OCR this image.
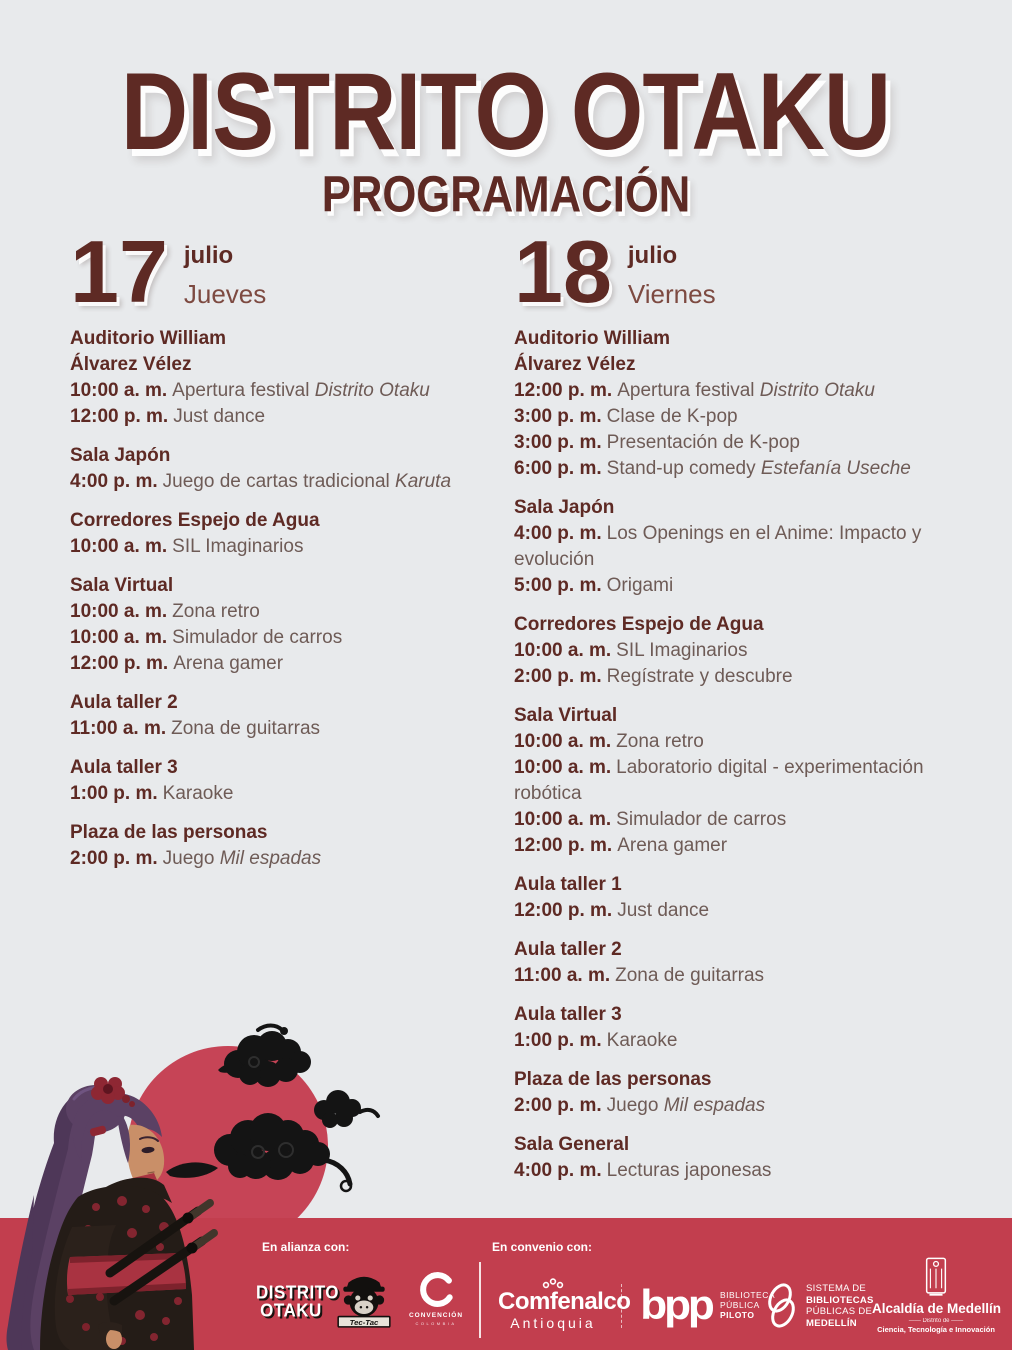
DISTRITO OTAKU
PROGRAMACIÓN
17 julio
Jueves	18 julio
Viernes
Auditorio William
Álvarez Vélez
10:00 a. m. Apertura festival Distrito Otaku
12:00 p. m. Just dance
Sala Japón
4:00 p. m. Juego de cartas tradicional Karuta
Corredores Espejo de Agua
10:00 a. m. SIL Imaginarios
Sala Virtual
10:00 a. m. Zona retro
10:00 a. m. Simulador de carros
12:00 p. m. Arena gamer
Aula taller 2
11:00 a. m. Zona de guitarras
Aula taller 3
1:00 p. m. Karaoke
Plaza de las personas
2:00 p. m. Juego Mil espadas
Auditorio William
Álvarez Vélez
12:00 p. m. Apertura festival Distrito Otaku
3:00 p. m. Clase de K-pop
3:00 p. m. Presentación de K-pop
6:00 p. m. Stand-up comedy Estefanía Useche
Sala Japón
4:00 p. m. Los Openings en el Anime: Impacto y evolución
5:00 p. m. Origami
Corredores Espejo de Agua
10:00 a. m. SIL Imaginarios
2:00 p. m. Regístrate y descubre
Sala Virtual
10:00 a. m. Zona retro
10:00 a. m. Laboratorio digital - experimentación robótica
10:00 a. m. Simulador de carros
12:00 p. m. Arena gamer
Aula taller 1
12:00 p. m. Just dance
Aula taller 2
11:00 a. m. Zona de guitarras
Aula taller 3
1:00 p. m. Karaoke
Plaza de las personas
2:00 p. m. Juego Mil espadas
Sala General
4:00 p. m. Lecturas japonesas
En alianza con:	En convenio con:
DISTRITO
OTAKU
Tec-Tac
CONVENCIÓN
COLOMBIA
Comfenalco
Antioquia bpp BIBLIOTECA
PÚBLICA
PILOTO
SISTEMA DE
BIBLIOTECAS
PÚBLICAS DE
MEDELLÍN
Alcaldía de Medellín
—— Distrito de ——
Ciencia, Tecnología e Innovación
